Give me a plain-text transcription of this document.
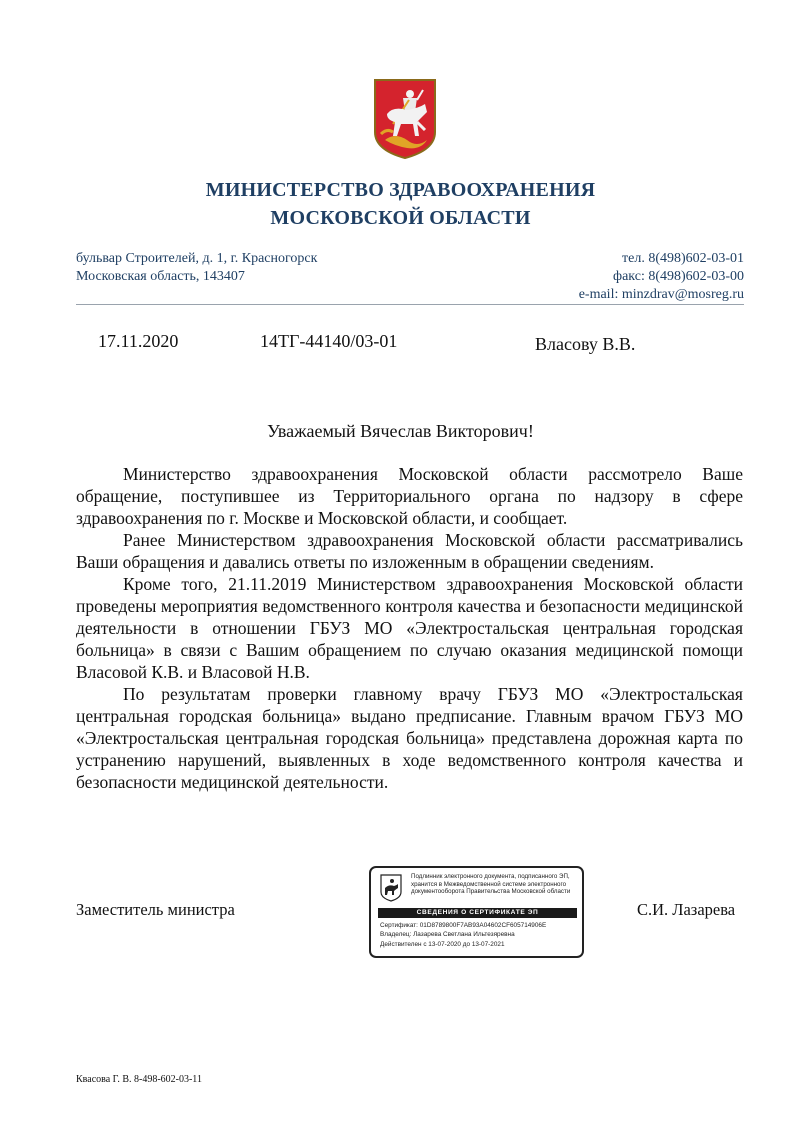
МИНИСТЕРСТВО ЗДРАВООХРАНЕНИЯ
МОСКОВСКОЙ ОБЛАСТИ
бульвар Строителей, д. 1, г. Красногорск
Московская область, 143407
тел. 8(498)602-03-01
факс: 8(498)602-03-00
e-mail: minzdrav@mosreg.ru
17.11.2020	14ТГ-44140/03-01	Власову В.В.
Уважаемый Вячеслав Викторович!

Министерство здравоохранения Московской области рассмотрело Ваше обращение, поступившее из Территориального органа по надзору в сфере здравоохранения по г. Москве и Московской области, и сообщает.

Ранее Министерством здравоохранения Московской области рассматривались Ваши обращения и давались ответы по изложенным в обращении сведениям.

Кроме того, 21.11.2019 Министерством здравоохранения Московской области проведены мероприятия ведомственного контроля качества и безопасности медицинской деятельности в отношении ГБУЗ МО «Электростальская центральная городская больница» в связи с Вашим обращением по случаю оказания медицинской помощи Власовой К.В. и Власовой Н.В.

По результатам проверки главному врачу ГБУЗ МО «Электростальская центральная городская больница» выдано предписание. Главным врачом ГБУЗ МО «Электростальская центральная городская больница» представлена дорожная карта по устранению нарушений, выявленных в ходе ведомственного контроля качества и безопасности медицинской деятельности.

Заместитель министра
Подлинник электронного документа, подписанного ЭП,
хранится в Межведомственной системе электронного
документооборота Правительства Московской области
СВЕДЕНИЯ О СЕРТИФИКАТЕ ЭП
Сертификат: 01D8789800F7AB93A04602CF605714906E
Владелец: Лазарева Светлана Ильтезяревна
Действителен с 13-07-2020 до 13-07-2021
С.И. Лазарева
Квасова Г. В. 8-498-602-03-11
